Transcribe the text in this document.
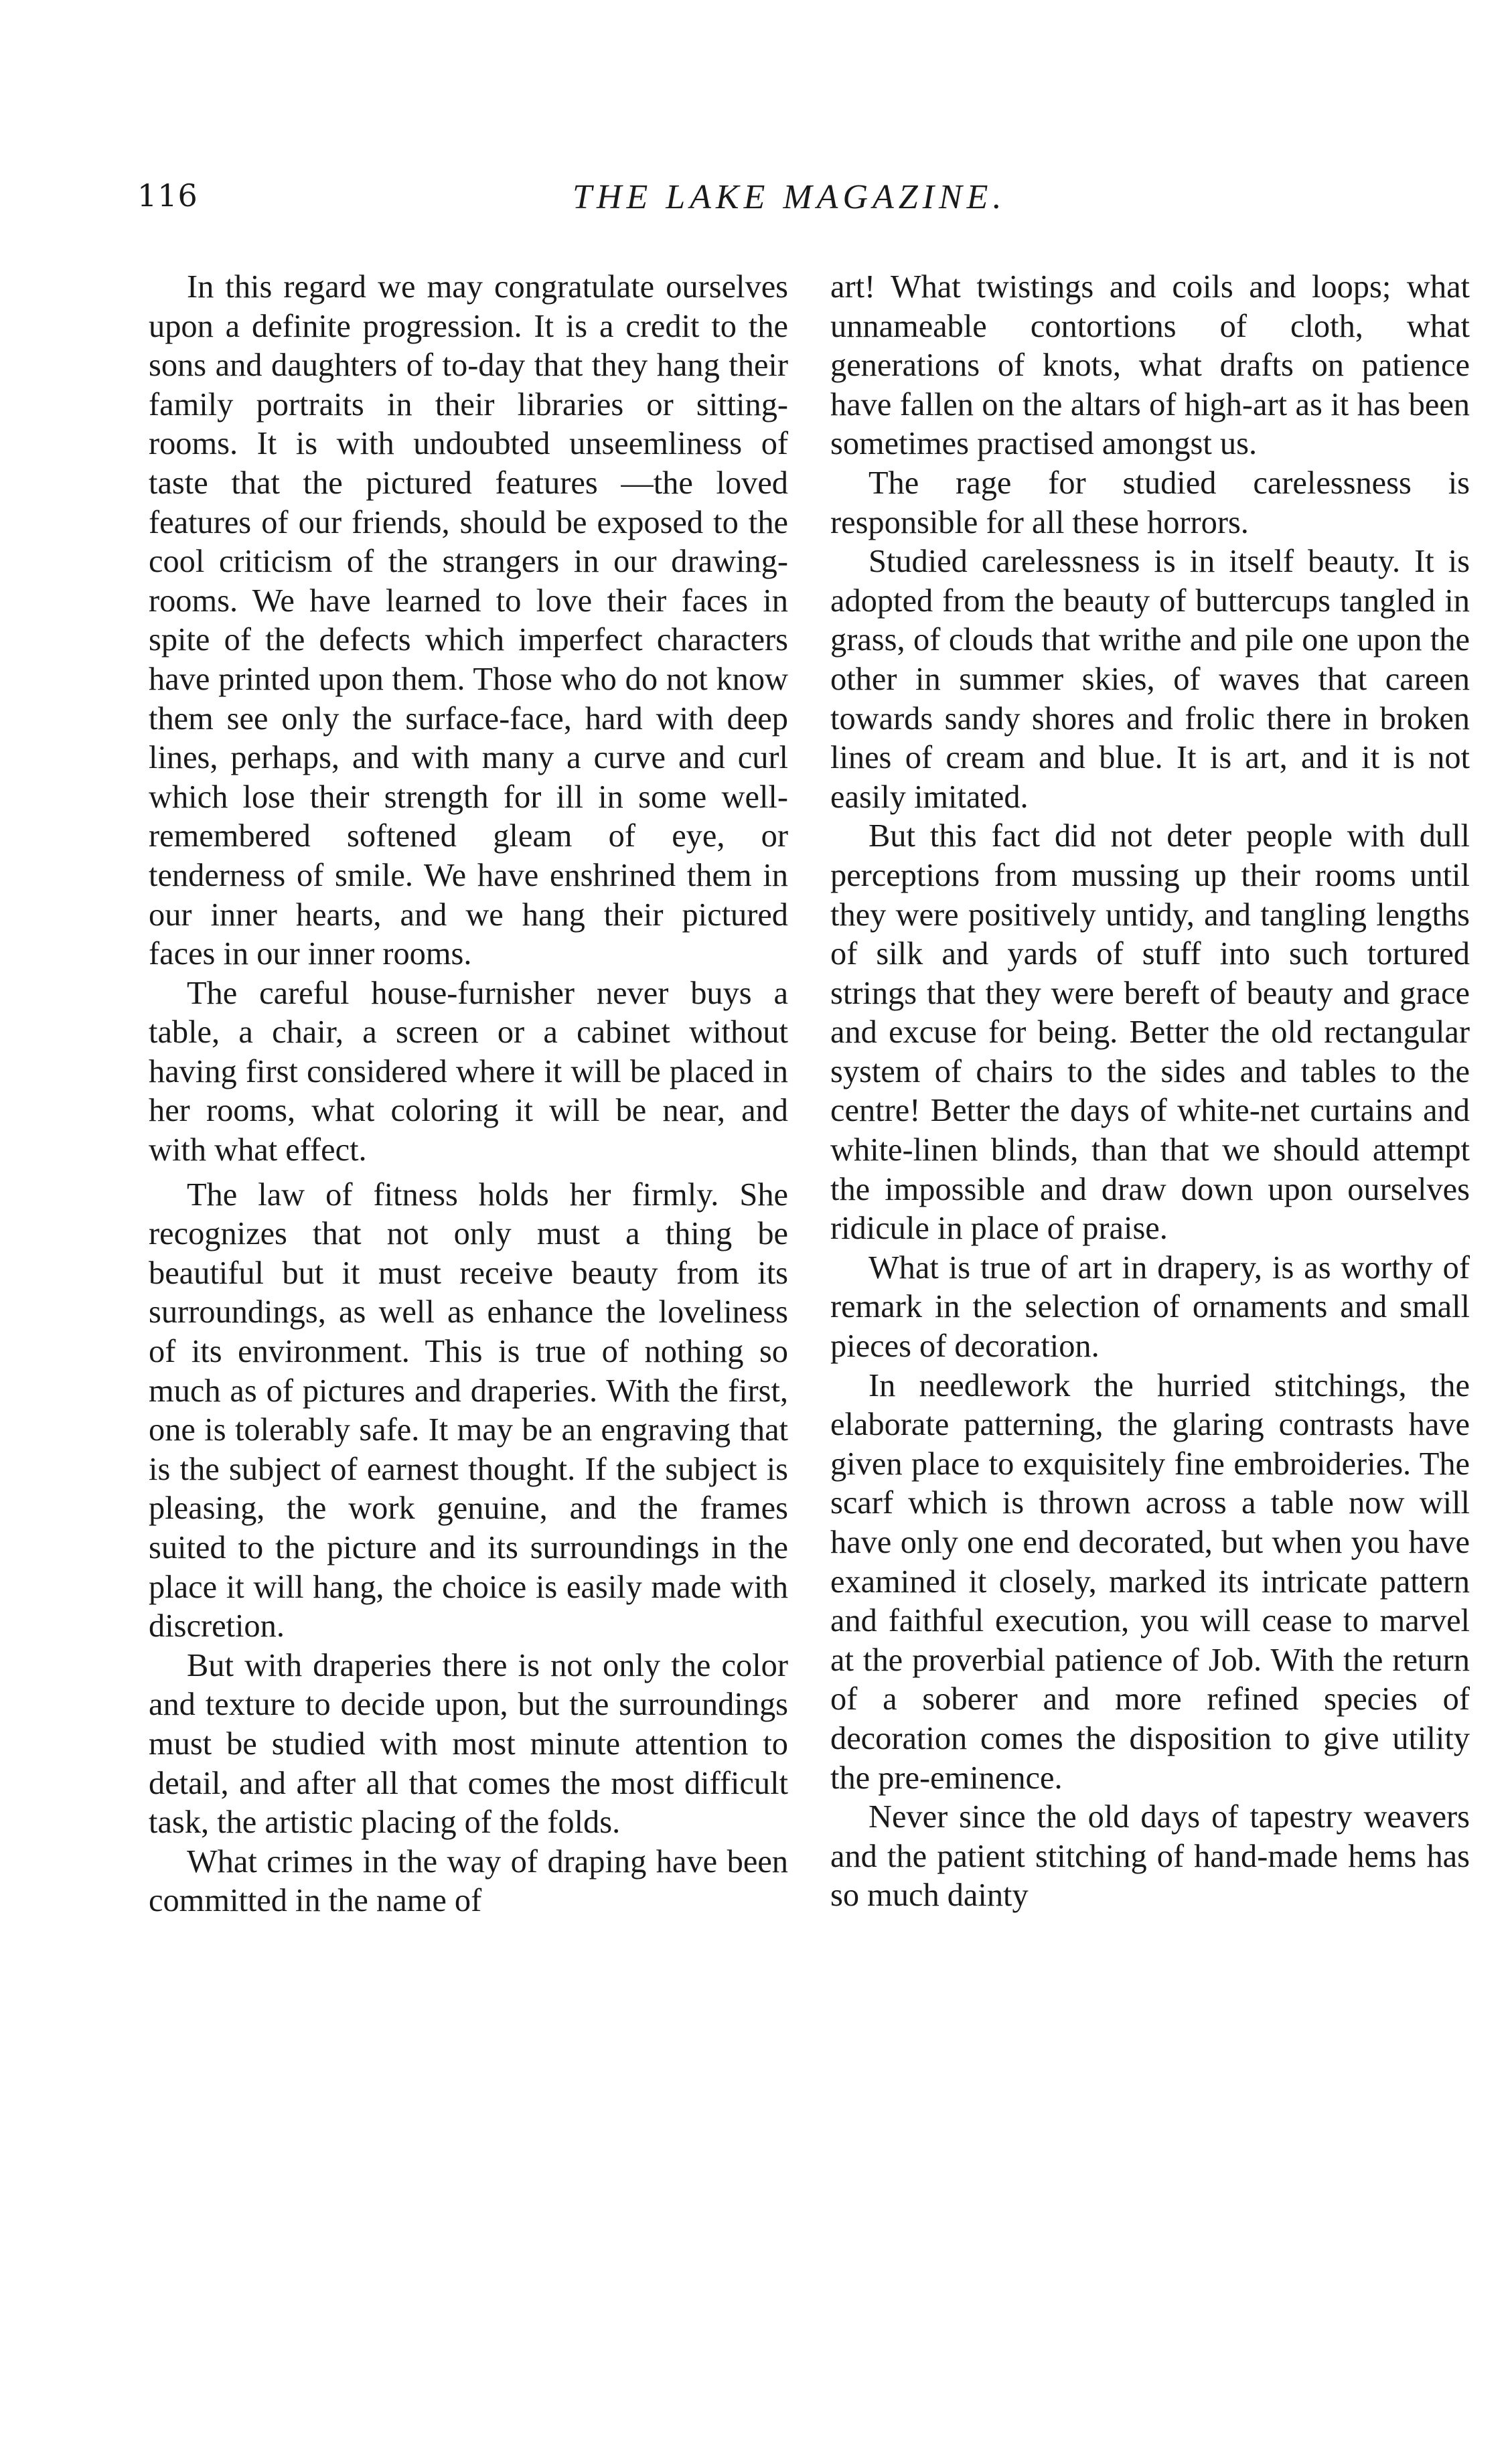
116	THE LAKE MAGAZINE.

In this regard we may congratulate ourselves upon a definite progression. It is a credit to the sons and daughters of to-day that they hang their family portraits in their libraries or sitting-rooms. It is with undoubted unseemliness of taste that the pictured features —the loved features of our friends, should be exposed to the cool criticism of the strangers in our drawing-rooms. We have learned to love their faces in spite of the defects which imperfect characters have printed upon them. Those who do not know them see only the surface-face, hard with deep lines, perhaps, and with many a curve and curl which lose their strength for ill in some well-remembered softened gleam of eye, or tenderness of smile. We have enshrined them in our inner hearts, and we hang their pictured faces in our inner rooms.

The careful house-furnisher never buys a table, a chair, a screen or a cabinet without having first considered where it will be placed in her rooms, what coloring it will be near, and with what effect.

The law of fitness holds her firmly. She recognizes that not only must a thing be beautiful but it must receive beauty from its surroundings, as well as enhance the loveliness of its environment. This is true of nothing so much as of pictures and draperies. With the first, one is tolerably safe. It may be an engraving that is the subject of earnest thought. If the subject is pleasing, the work genuine, and the frames suited to the picture and its surroundings in the place it will hang, the choice is easily made with discretion.

But with draperies there is not only the color and texture to decide upon, but the surroundings must be studied with most minute attention to detail, and after all that comes the most difficult task, the artistic placing of the folds.

What crimes in the way of draping have been committed in the name of

art! What twistings and coils and loops; what unnameable contortions of cloth, what generations of knots, what drafts on patience have fallen on the altars of high-art as it has been sometimes practised amongst us.

The rage for studied carelessness is responsible for all these horrors.

Studied carelessness is in itself beauty. It is adopted from the beauty of buttercups tangled in grass, of clouds that writhe and pile one upon the other in summer skies, of waves that careen towards sandy shores and frolic there in broken lines of cream and blue. It is art, and it is not easily imitated.

But this fact did not deter people with dull perceptions from mussing up their rooms until they were positively untidy, and tangling lengths of silk and yards of stuff into such tortured strings that they were bereft of beauty and grace and excuse for being. Better the old rectangular system of chairs to the sides and tables to the centre! Better the days of white-net curtains and white-linen blinds, than that we should attempt the impossible and draw down upon ourselves ridicule in place of praise.

What is true of art in drapery, is as worthy of remark in the selection of ornaments and small pieces of decoration.

In needlework the hurried stitchings, the elaborate patterning, the glaring contrasts have given place to exquisitely fine embroideries. The scarf which is thrown across a table now will have only one end decorated, but when you have examined it closely, marked its intricate pattern and faithful execution, you will cease to marvel at the proverbial patience of Job. With the return of a soberer and more refined species of decoration comes the disposition to give utility the pre-eminence.

Never since the old days of tapestry weavers and the patient stitching of hand-made hems has so much dainty
